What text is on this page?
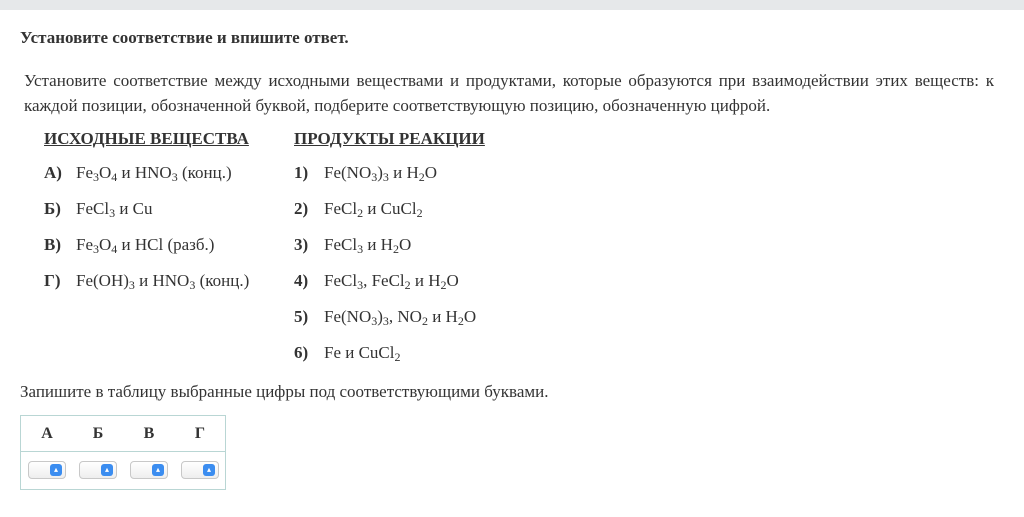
Установите соответствие и впишите ответ.
Установите соответствие между исходными веществами и продуктами, которые образуются при взаимодействии этих веществ: к каждой позиции, обозначенной буквой, подберите соответствующую позицию, обозначенную цифрой.
ИСХОДНЫЕ ВЕЩЕСТВА
А) $Fe_3O_4$ и $HNO_3$ (конц.)
Б) FeCl$_3$ и Cu
В) $Fe_3O_4$ и HCl (разб.)
Г) $Fe(OH)_3$ и $HNO_3$ (конц.)
ПРОДУКТЫ РЕАКЦИИ
1) $Fe(NO_3)_3$ и $H_2O$
2) FeCl$_2$ и CuCl$_2$
3) FeCl$_3$ и $H_2O$
4) FeCl$_3$, FeCl$_2$ и $H_2O$
5) $Fe(NO_3)_3$, $NO_2$ и $H_2O$
6) Fe и CuCl$_2$
Запишите в таблицу выбранные цифры под соответствующими буквами.
А	Б	В	Г
▴	▴	▴	▴
